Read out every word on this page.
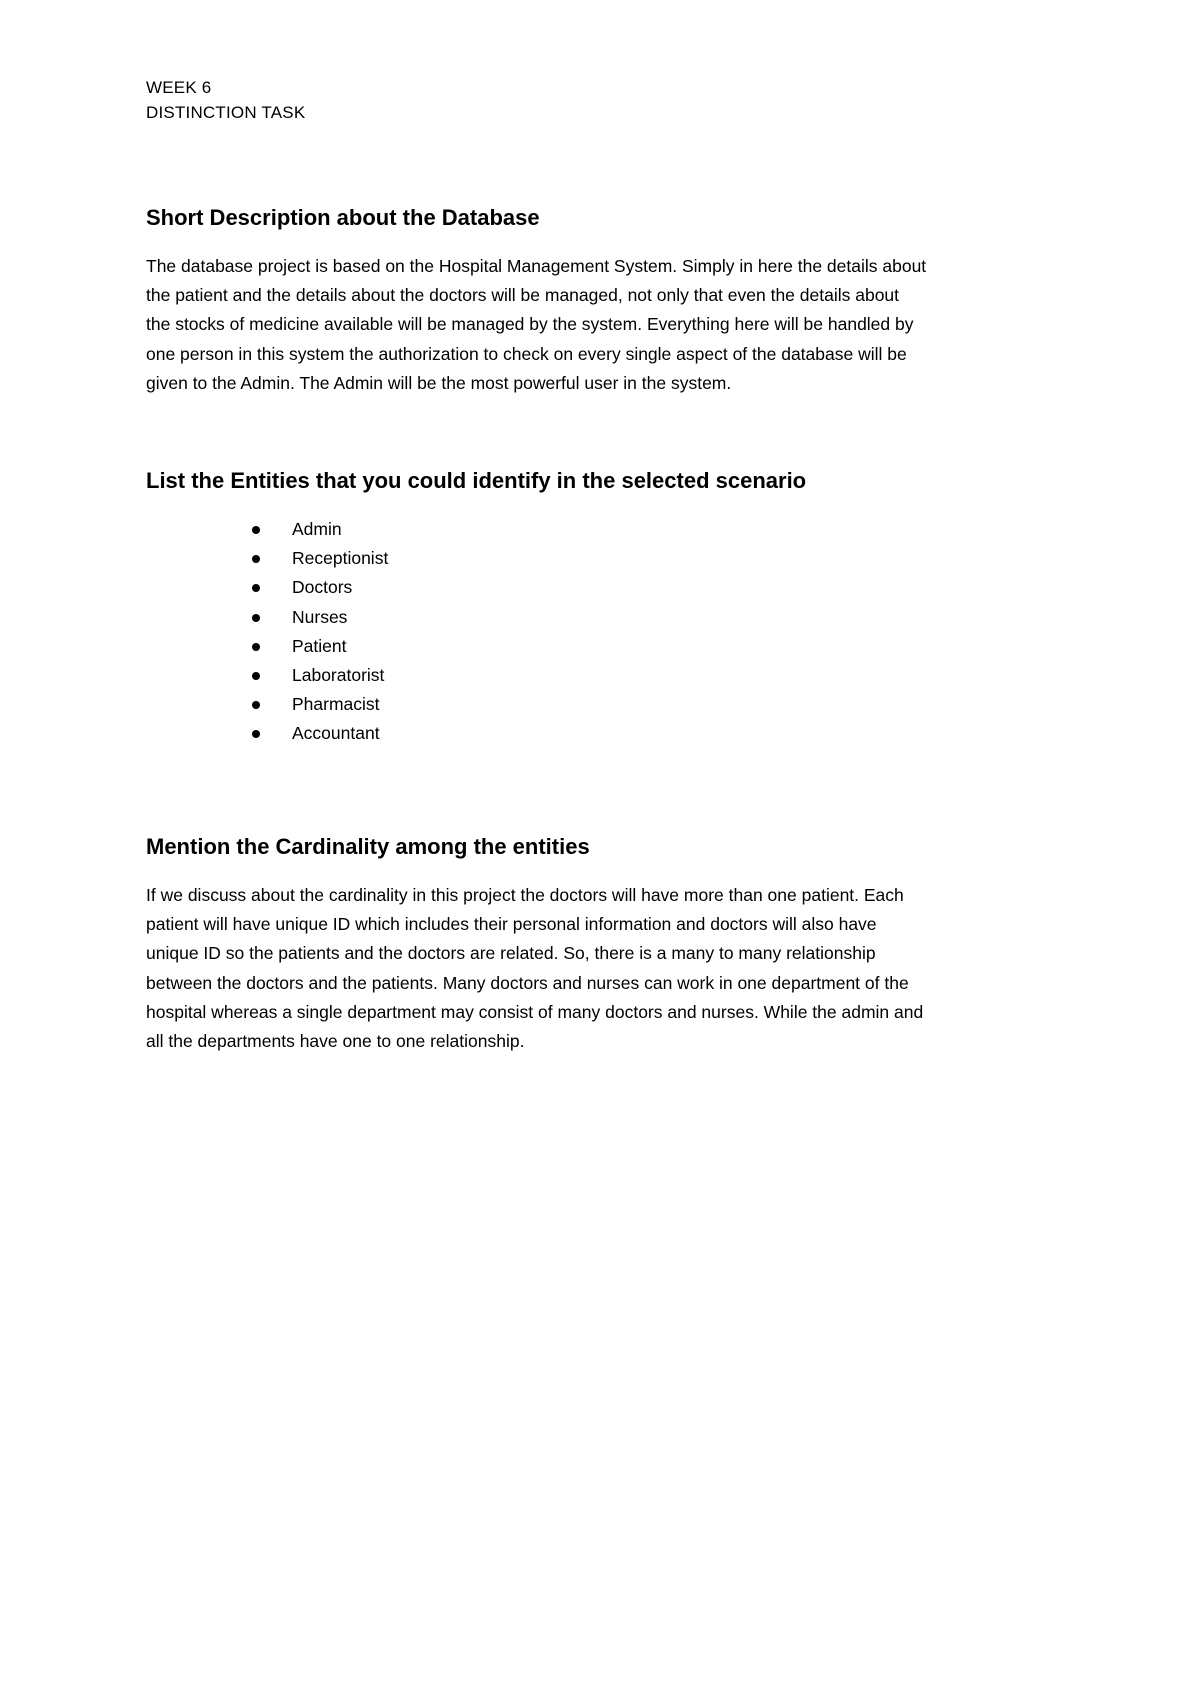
WEEK 6
DISTINCTION TASK
Short Description about the Database

The database project is based on the Hospital Management System. Simply in here the details about
the patient and the details about the doctors will be managed, not only that even the details about
the stocks of medicine available will be managed by the system. Everything here will be handled by
one person in this system the authorization to check on every single aspect of the database will be
given to the Admin. The Admin will be the most powerful user in the system.

List the Entities that you could identify in the selected scenario
Admin
Receptionist
Doctors
Nurses
Patient
Laboratorist
Pharmacist
Accountant
Mention the Cardinality among the entities

If we discuss about the cardinality in this project the doctors will have more than one patient. Each
patient will have unique ID which includes their personal information and doctors will also have
unique ID so the patients and the doctors are related. So, there is a many to many relationship
between the doctors and the patients. Many doctors and nurses can work in one department of the
hospital whereas a single department may consist of many doctors and nurses. While the admin and
all the departments have one to one relationship.
